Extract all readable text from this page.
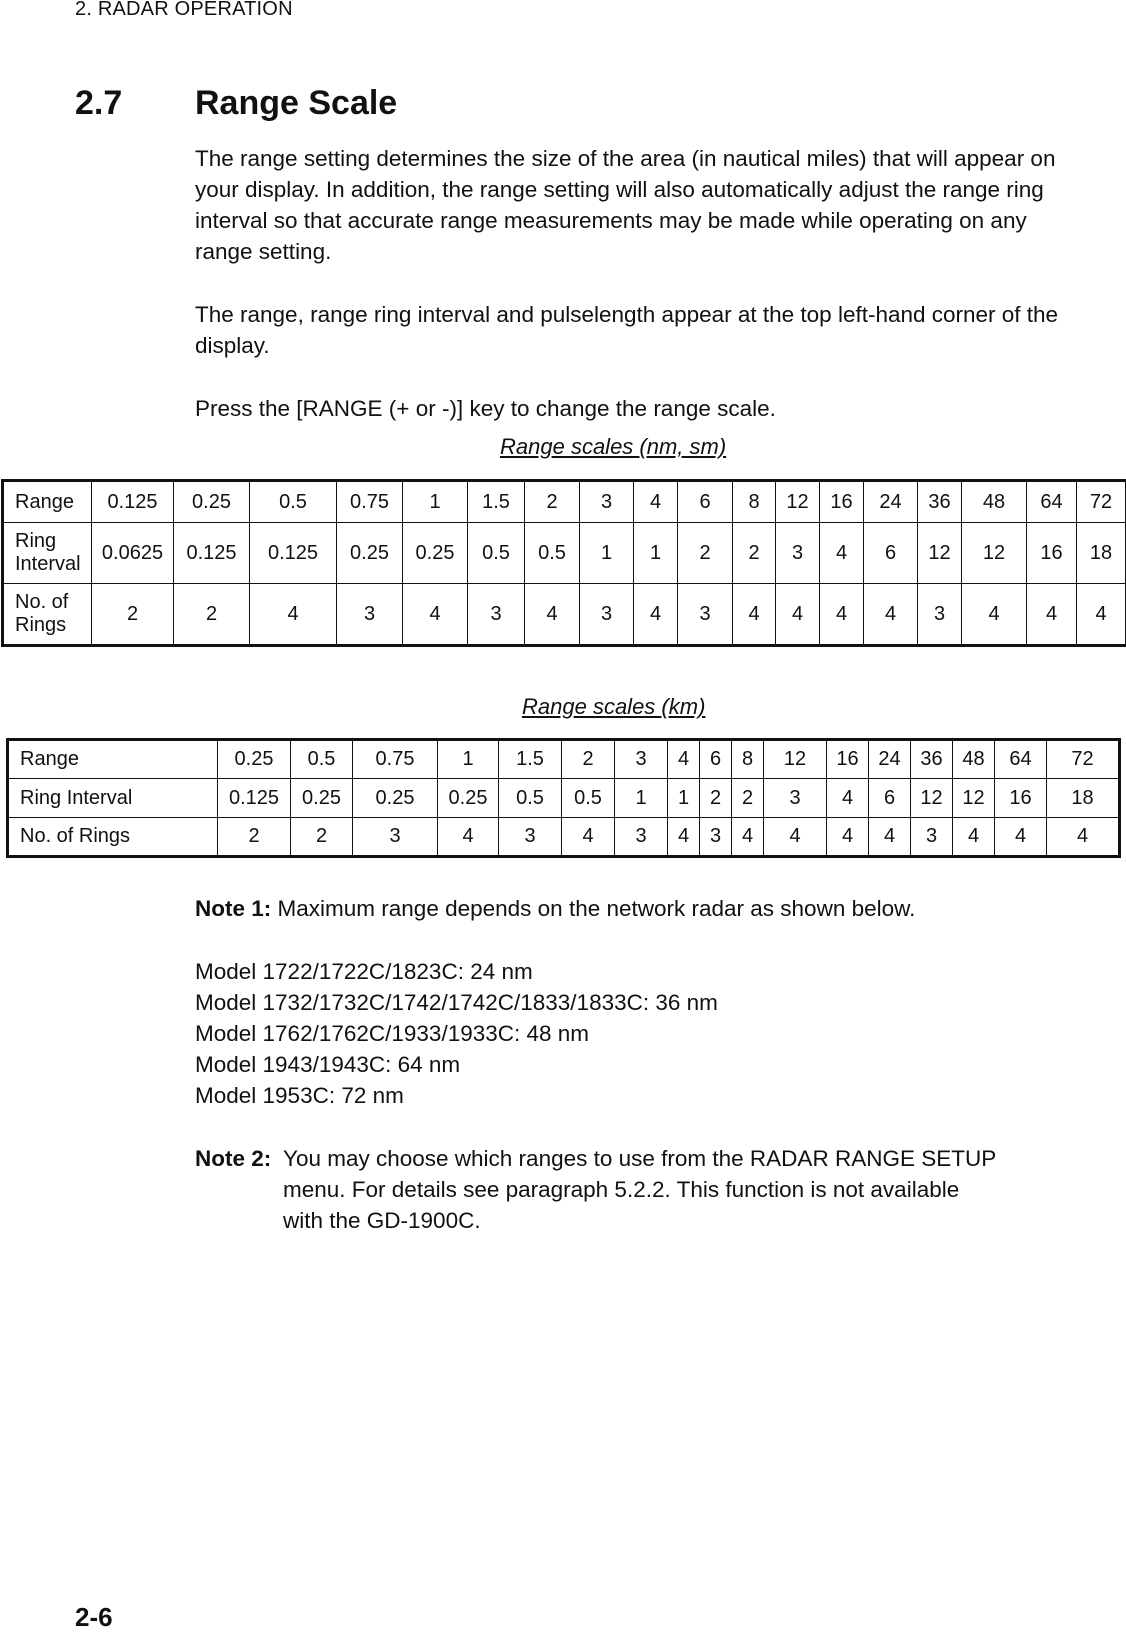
2. RADAR OPERATION
2.7 Range Scale

The range setting determines the size of the area (in nautical miles) that will appear on your display. In addition, the range setting will also automatically adjust the range ring interval so that accurate range measurements may be made while operating on any range setting.

The range, range ring interval and pulselength appear at the top left-hand corner of the display.

Press the [RANGE (+ or -)] key to change the range scale.

Range scales (nm, sm)
Range	0.125	0.25	0.5	0.75	1	1.5	2	3	4	6	8	12	16	24	36	48	64	72
Ring Interval	0.0625	0.125	0.125	0.25	0.25	0.5	0.5	1	1	2	2	3	4	6	12	12	16	18
No. of Rings	2	2	4	3	4	3	4	3	4	3	4	4	4	4	3	4	4	4
Range scales (km)
Range	0.25	0.5	0.75	1	1.5	2	3	4	6	8	12	16	24	36	48	64	72
Ring Interval	0.125	0.25	0.25	0.25	0.5	0.5	1	1	2	2	3	4	6	12	12	16	18
No. of Rings	2	2	3	4	3	4	3	4	3	4	4	4	4	3	4	4	4

Note 1: Maximum range depends on the network radar as shown below.

Model 1722/1722C/1823C: 24 nm

Model 1732/1732C/1742/1742C/1833/1833C: 36 nm

Model 1762/1762C/1933/1933C: 48 nm

Model 1943/1943C: 64 nm

Model 1953C: 72 nm

Note 2: You may choose which ranges to use from the RADAR RANGE SETUP
menu. For details see paragraph 5.2.2. This function is not available
with the GD-1900C.
2-6
